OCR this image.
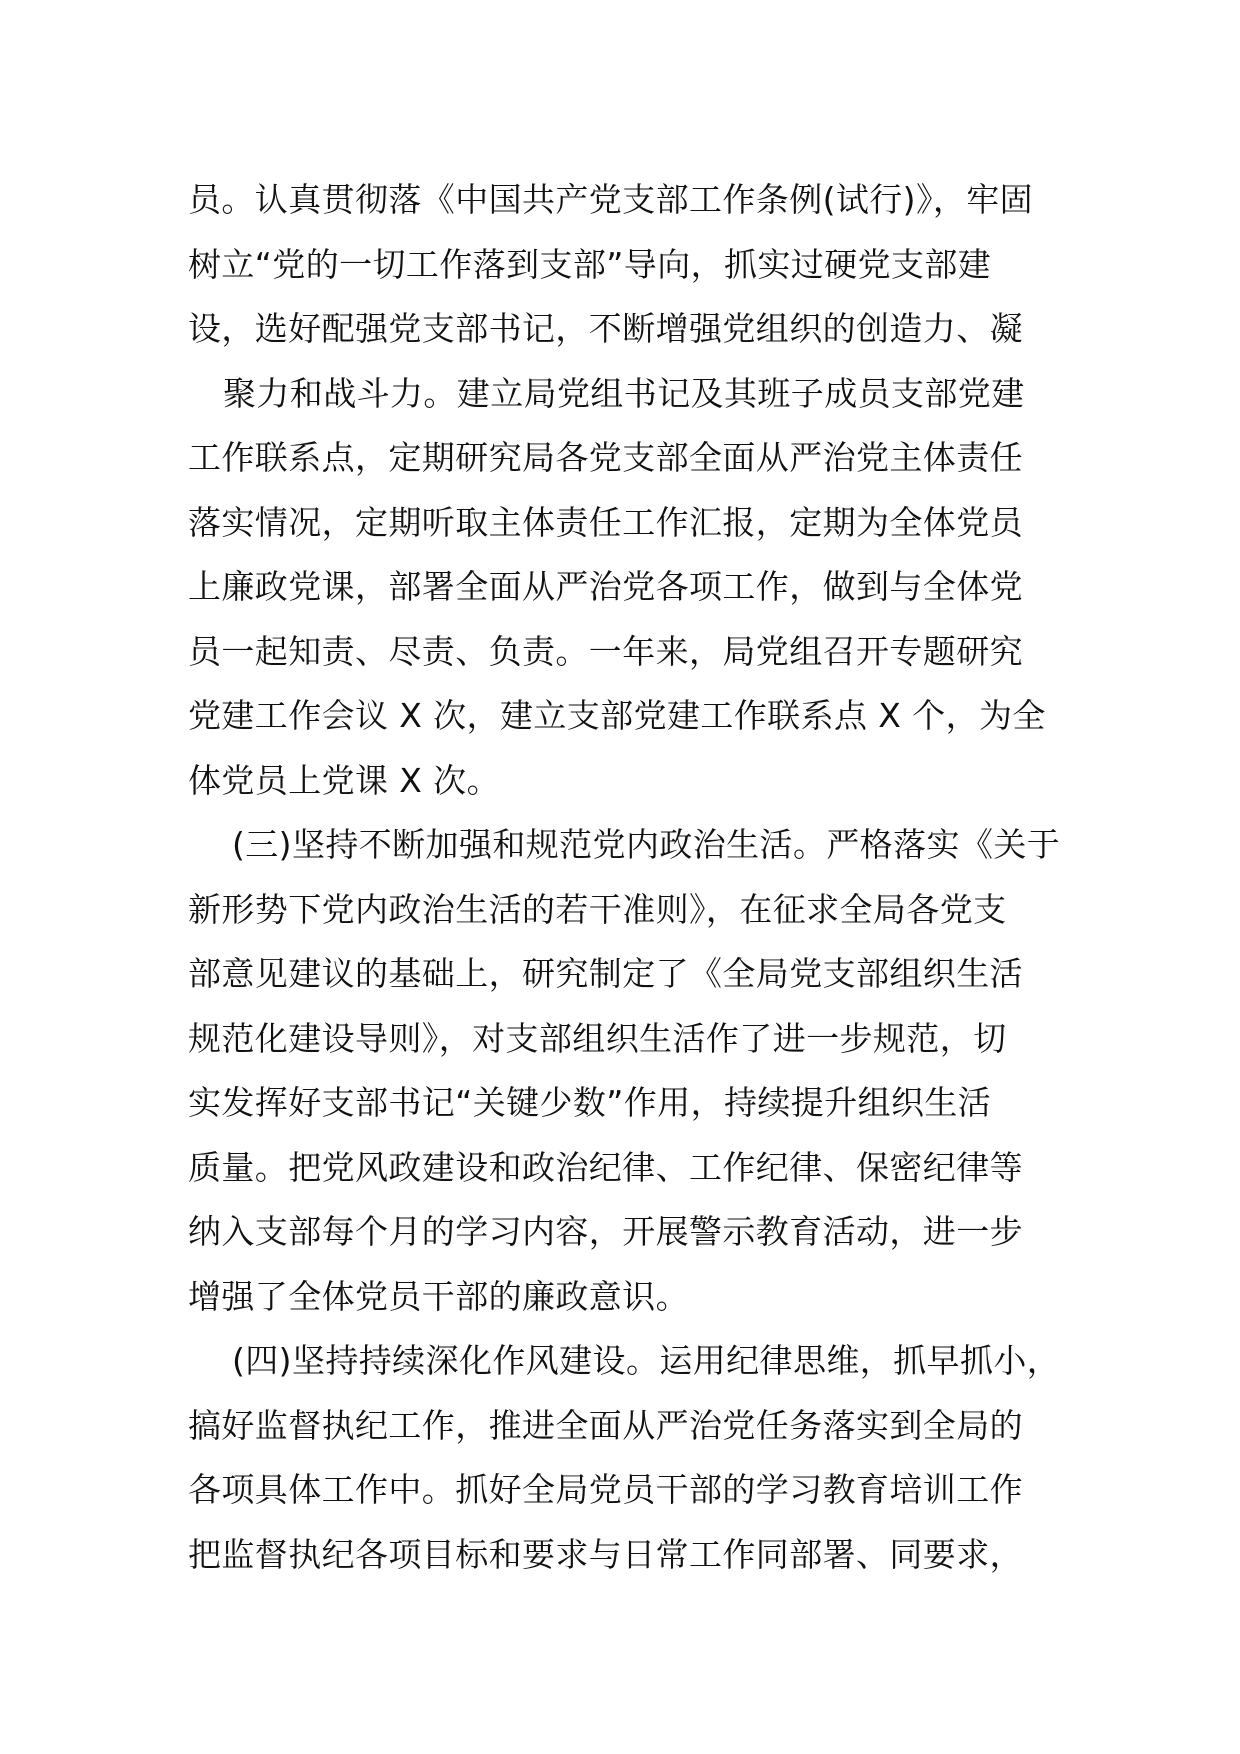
员。认真贯彻落《中国共产党支部工作条例(试行)》，牢固
树立“党的一切工作落到支部”导向，抓实过硬党支部建
设，选好配强党支部书记，不断增强党组织的创造力、凝
聚力和战斗力。建立局党组书记及其班子成员支部党建
工作联系点，定期研究局各党支部全面从严治党主体责任
落实情况，定期听取主体责任工作汇报，定期为全体党员
上廉政党课，部署全面从严治党各项工作，做到与全体党
员一起知责、尽责、负责。一年来，局党组召开专题研究
党建工作会议 X 次，建立支部党建工作联系点 X 个，为全
体党员上党课 X 次。
(三)坚持不断加强和规范党内政治生活。严格落实《关于
新形势下党内政治生活的若干准则》，在征求全局各党支
部意见建议的基础上，研究制定了《全局党支部组织生活
规范化建设导则》，对支部组织生活作了进一步规范，切
实发挥好支部书记“关键少数”作用，持续提升组织生活
质量。把党风政建设和政治纪律、工作纪律、保密纪律等
纳入支部每个月的学习内容，开展警示教育活动，进一步
增强了全体党员干部的廉政意识。
(四)坚持持续深化作风建设。运用纪律思维，抓早抓小，
搞好监督执纪工作，推进全面从严治党任务落实到全局的
各项具体工作中。抓好全局党员干部的学习教育培训工作
把监督执纪各项目标和要求与日常工作同部署、同要求，
